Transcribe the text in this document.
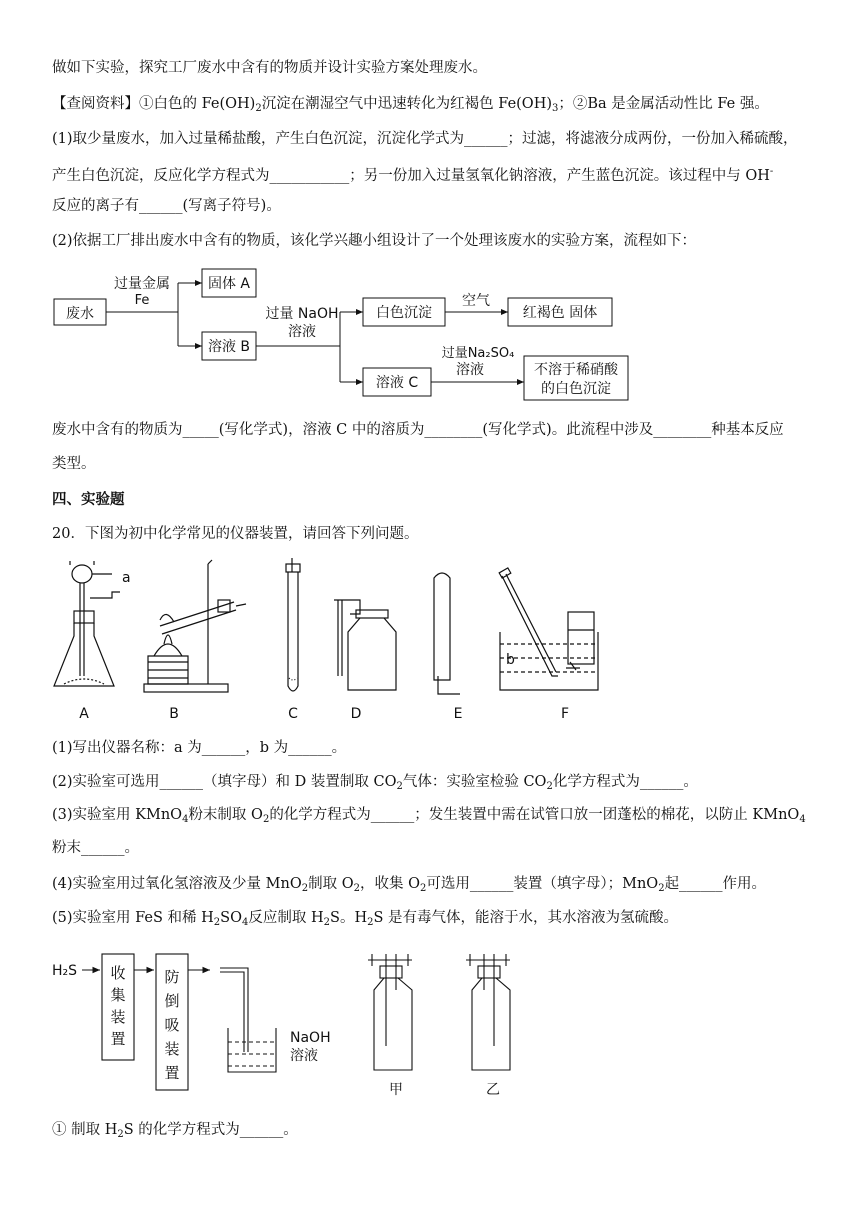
做如下实验，探究工厂废水中含有的物质并设计实验方案处理废水。
【查阅资料】①白色的 $Fe(OH)_2$沉淀在潮湿空气中迅速转化为红褐色 $Fe(OH)_3$；②Ba 是金属活动性比 Fe 强。
(1)取少量废水，加入过量稀盐酸，产生白色沉淀，沉淀化学式为______；过滤，将滤液分成两份，一份加入稀硫酸，
产生白色沉淀，反应化学方程式为___________；另一份加入过量氢氧化钠溶液，产生蓝色沉淀。该过程中与 OH-
反应的离子有______(写离子符号)。
(2)依据工厂排出废水中含有的物质，该化学兴趣小组设计了一个处理该废水的实验方案，流程如下：
废水
过量金属
Fe
固体 A
溶液 B
过量 NaOH
溶液
白色沉淀
空气
红褐色 固体
过量Na₂SO₄
溶液
溶液 C
不溶于稀硝酸
的白色沉淀
废水中含有的物质为_____(写化学式)，溶液 C 中的溶质为________(写化学式)。此流程中涉及________种基本反应
类型。
四、实验题
20．下图为初中化学常见的仪器装置，请回答下列问题。
a
b
A	B	C	D	E	F
(1)写出仪器名称：a 为______，b 为______。
(2)实验室可选用______（填字母）和 D 装置制取 $CO_2$气体：实验室检验 $CO_2$化学方程式为______。
(3)实验室用 KMnO$_4$粉末制取 $O_2$的化学方程式为______；发生装置中需在试管口放一团蓬松的棉花，以防止 KMnO$_4$
粉末______。
(4)实验室用过氧化氢溶液及少量 MnO$_2$制取 $O_2$，收集 $O_2$可选用______装置（填字母）；MnO$_2$起______作用。
(5)实验室用 FeS 和稀 $H_2SO_4$反应制取 $H_2S$。$H_2S$ 是有毒气体，能溶于水，其水溶液为氢硫酸。
H₂S 收
集
装
置
防
倒
吸
装
置
NaOH
溶液
甲	乙
① 制取 $H_2S$ 的化学方程式为______。
